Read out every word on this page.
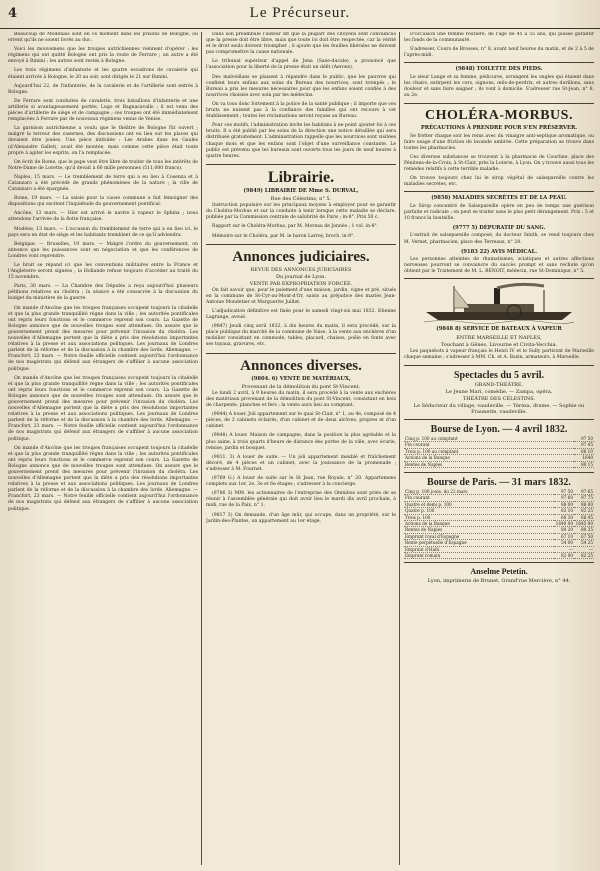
4	Le Précurseur.

Beaucoup de Modenais sont en ce moment dans les prisons de Bologne, ou errent qu'ils ne soient livrés au duc.

Voici les mouvemens que les troupes autrichiennes viennent d'opérer : les régimens qui ont quitté Bologne ont pris la route de Ferrare ; un autre a été envoyé à Rimini ; les autres sont restés à Bologne.

Les trois régimens d'infanterie et les quatre escadrons de cavalerie qui étaient arrivés à Bologne, le 20 au soir, sont dirigés le 21 sur Rimini.

Aujourd'hui 22, de l'infanterie, de la cavalerie et de l'artillerie sont entrés à Bologne.

De Ferrare sont conduites de cavalerie, trois bataillons d'infanterie et une artillerie si avantageusement portée, Lugo et Bagnacavallo ; il est venu des pièces d'artillerie de siège et de campagne ; ces troupes ont été immédiatement remplacées à Ferrare par de nouveaux régimens venus de Venise.

La garnison autrichienne a voulu que le théâtre de Bologne fût ouvert ; malgré la terreur des casernes, des discussions ont eu lieu sur les places qui devaient être jouées. Une pièce intitulée : Les Arabes dans les Gaules (d'Alexandre Gallet), avait été montée, mais comme cette pièce était toute propre à agiter les esprits, on l'a remplacée.

On écrit de Rome, que le pape veut être libre de traiter de tous les intérêts de Notre-Dame de Lorette, qu'il devait à 60 mille personnes (511,000 francs).

Naples, 15 mars. — Le tremblement de terre qui a eu lieu à Cosenza et à Catanzaro a été précédé de grands phénomènes de la nature ; la ville de Catanzaro a été épargnée.

Rome, 19 mars. — La saisie pour la cause commune a fait témoigner des dispositions qui excitent l'inquiétude du gouvernement pontifical.

Ancône, 13 mars. — Hier est arrivé le navire à vapeur le Sphinx ; nous attendons l'arrivée de la flotte française.

Modène, 13 mars. — L'occasion du tremblement de terre qui a eu lieu ici, le pays sera en état de siège et les habitants tremblent de ce qu'il adviendra.

Belgique. — Bruxelles, 19 mars. — Malgré l'ordre du gouvernement, on annonce que les puissances sont en négociation et que les conférences de Londres vont reprendre.

Le bruit se répand ici que les conventions militaires entre la France et l'Angleterre seront signées ; la Hollande refuse toujours d'accéder au traité du 15 novembre.

Paris, 30 mars. — La Chambre des Députés a reçu aujourd'hui plusieurs pétitions relatives au choléra ; la séance a été consacrée à la discussion du budget du ministère de la guerre.

On mande d'Ancône que les troupes françaises occupent toujours la citadelle et que la plus grande tranquillité règne dans la ville ; les autorités pontificales ont repris leurs fonctions et le commerce reprend son cours. La Gazette de Bologne annonce que de nouvelles troupes sont attendues. On assure que le gouvernement prend des mesures pour prévenir l'invasion du choléra. Les nouvelles d'Allemagne portent que la diète a pris des résolutions importantes relatives à la presse et aux associations politiques. Les journaux de Londres parlent de la réforme et de la discussion à la chambre des lords. Allemagne. — Francfort, 23 mars. — Notre feuille officielle contient aujourd'hui l'ordonnance de nos magistrats qui défend aux étrangers de s'affilier à aucune association politique.

On mande d'Ancône que les troupes françaises occupent toujours la citadelle et que la plus grande tranquillité règne dans la ville ; les autorités pontificales ont repris leurs fonctions et le commerce reprend son cours. La Gazette de Bologne annonce que de nouvelles troupes sont attendues. On assure que le gouvernement prend des mesures pour prévenir l'invasion du choléra. Les nouvelles d'Allemagne portent que la diète a pris des résolutions importantes relatives à la presse et aux associations politiques. Les journaux de Londres parlent de la réforme et de la discussion à la chambre des lords. Allemagne. — Francfort, 23 mars. — Notre feuille officielle contient aujourd'hui l'ordonnance de nos magistrats qui défend aux étrangers de s'affilier à aucune association politique.

On mande d'Ancône que les troupes françaises occupent toujours la citadelle et que la plus grande tranquillité règne dans la ville ; les autorités pontificales ont repris leurs fonctions et le commerce reprend son cours. La Gazette de Bologne annonce que de nouvelles troupes sont attendues. On assure que le gouvernement prend des mesures pour prévenir l'invasion du choléra. Les nouvelles d'Allemagne portent que la diète a pris des résolutions importantes relatives à la presse et aux associations politiques. Les journaux de Londres parlent de la réforme et de la discussion à la chambre des lords. Allemagne. — Francfort, 23 mars. — Notre feuille officielle contient aujourd'hui l'ordonnance de nos magistrats qui défend aux étrangers de s'affilier à aucune association politique.

Dans son préambule l'auteur dit que la plupart des citoyens sont convaincus que la presse doit être libre, mais que toute loi doit être respectée, car la vérité et le droit seuls doivent triompher ; il ajoute que les feuilles libérales ne doivent pas compromettre la cause nationale.

Le tribunal supérieur d'appel de Jena (Saxe-ducale), a prononcé que l'association pour la liberté de la presse était un délit (Aerons).

Des malveillans se plaisent à répandre dans le public, que les pauvres qui confient leurs enfans aux soins du Bureau des nourrices, sont trompés ; le Bureau a pris les mesures nécessaires pour que les enfans soient confiés à des nourrices choisies avec soin par les médecins.

On va tous donc fortement à la police de la santé publique ; il importe que ces bruits ne nuisent pas à la confiance des familles qui ont recours à cet établissement ; toutes les réclamations seront reçues au Bureau.

Pour ces motifs, l'administration invite les habitans à ne point ajouter foi à ces bruits. Il a été publié par les soins de la direction une notice détaillée qui sera distribuée gratuitement. L'administration rappelle que les nourrices sont visitées chaque mois et que les enfans sont l'objet d'une surveillance constante. Le public est prévenu que les bureaux sont ouverts tous les jours de neuf heures à quatre heures.

Librairie.
(9849) LIBRAIRIE DE Mme S. DURVAL,
Rue des Célestins, n° 5.

Instruction populaire sur les principaux moyens à employer pour se garantir du Choléra-Morbus et sur la conduite à tenir lorsque cette maladie se déclare, publiée par la Commission centrale de salubrité de Paris ; in-8°. Prix 50 c.

Rapport sur le Choléra-Morbus, par M. Moreau de Jonnès ; 1 vol. in-8°.

Mémoire sur le Choléra, par M. le baron Larrey, broch. in-8°.

Annonces judiciaires.
REVUE DES ANNONCES JUDICIAIRES
Du journal de Lyon.
VENTE PAR EXPROPRIATION FORCÉE.

On fait savoir que, pour le paiement d'une maison, jardin, vigne et pré, situés en la commune de St-Cyr-au-Mont-d'Or, saisis au préjudice des mariés Jean-Antoine Mondetier et Marguerite Juillet.

L'adjudication définitive est fixée pour le samedi vingt-six mai 1832. Etienne Lagrange, avoué.

(9847) Jeudi cinq avril 1832, à dix heures du matin, il sera procédé, sur la place publique du marché de la commune de Vaise, à la vente aux enchères d'un mobilier consistant en commode, tables, placard, chaises, poêle en fonte avec ses tuyaux, gravures, etc.

Annonces diverses.
(9804. 6) VENTE DE MATÉRIAUX,
Provenant de la démolition du pont St-Vincent.

Le lundi 2 avril, à 9 heures du matin, il sera procédé à la vente aux enchères des matériaux provenant de la démolition du pont St-Vincent, consistant en bois de charpente, planches et fers ; la vente aura lieu au comptant.

(9844) A louer. Joli appartement sur le quai St-Clair, n° 1, au 4e, composé de 4 pièces, de 2 cabinets éclairés, d'un cabinet et de deux alcôves, propres et d'un cabinet.

(9848) A louer. Maison de campagne, dans la position la plus agréable et la plus saine, à trois quarts d'heure de distance des portes de la ville, avec écurie, remise, jardin et bosquet.

(9811. 3) A louer de suite. — Un joli appartement meublé et fraîchement décoré, de 4 pièces et un cabinet, avec la jouissance de la promenade ; s'adresser à M. Fournet.

(9769 G.) A louer de suite sur le St Jean, rue Royale, n° 20. Appartemens complets aux 1er, 2e, 3e et 6e étages ; s'adresser à la concierge.

(9786 3) MM. les actionnaires de l'entreprise des Omnibus sont priés de se réunir à l'assemblée générale qui doit avoir lieu le mardi dix avril prochain, à midi, rue de la Paix, n° 1.

(9817 3) On demande, d'un âge mûr, qui occupe, dans un propriété, sur le Jardin-des-Plantes, un appartement au 1er étage.

D'occasion une femme routière, de l'âge de 45 à 55 ans, qui puisse garantir les fonds de la communauté.

S'adresser, Cours de Brosses, n° 8, avant neuf heures du matin, et de 2 à 5 de l'après-midi.

(9848) TOILETTE DES PIEDS.

Le sieur Lange et sa femme, pédicures, arrangent les ongles qui étaient dans les chairs, extirpent les cors, oignons, œils-de-perdrix, et autres durillons, sans douleur et sans faire saigner ; ils vont à domicile. S'adresser rue St-Jean, n° 8, au 2e.

CHOLÉRA-MORBUS.
PRÉCAUTIONS À PRENDRE POUR S'EN PRÉSERVER.

Se frotter chaque soir les reins avec du vinaigre anti-septique aromatique, ou faire usage d'une friction de lavande ambrée. Cette préparation se trouve dans toutes les pharmacies.

Ces diverses substances se trouvent à la pharmacie de Courtine, place des Pénitens-de-la-Croix, à St-Clair, près la Loterie, à Lyon. On y trouve aussi tous les remèdes relatifs à cette terrible maladie.

On trouve toujours chez lui le sirop végétal de salsepareille contre les maladies secrètes, etc.

(9858) MALADIES SECRÈTES ET DE LA PEAU.

Le Sirop concentré de Salsepareille opère en peu de temps une guérison parfaite et radicale ; on peut se traiter sans le plus petit dérangement. Prix : 5 et 10 francs la bouteille.

(9777 5) DÉPURATIF DU SANG.

L'extrait de salsepareille composé, du docteur Smith, se vend toujours chez M. Vernet, pharmacien, place des Terreaux, n° 28.

(9183 22) AVIS MÉDICAL.

Les personnes atteintes de rhumatismes, sciatiques et autres affections nerveuses pourront se convaincre du succès prompt et sans rechute qu'on obtient par le Traitement de M. L. BENOIT, médecin, rue St-Dominique, n° 5.

(9848 8) SERVICE DE BATEAUX À VAPEUR
ENTRE MARSEILLE ET NAPLES,
Touchant à Gênes, Livourne et Civita-Vecchia.

Les paquebots à vapeur français le Henri IV et le Sully partiront de Marseille chaque semaine ; s'adresser à MM. Ch. et A. Bazin, armateurs, à Marseille.

Spectacles du 5 avril.
GRAND-THÉÂTRE.
Le Jeune Mari, comédie. — Zampa, opéra.
THÉÂTRE DES CÉLESTINS.
Le Séducteur du village, vaudeville. — Téréza, drame. — Sophie ou Fraunette, vaudeville.
Bourse de Lyon. — 4 avril 1832.
Cinq p. 100 au comptant	97 50
Fin courant	97 45
Trois p. 100 au comptant	68 10
Actions de la Banque	1640
Rentes de Naples	80 15
Bourse de Paris. — 31 mars 1832.
Cinq p. 100 jouis. du 22 mars	97 50	97 65
Fin courant	97 60	97 75
Quatre et demi p. 100	88 00	88 00
Quatre p. 100	83 10	83 25
Trois p. 100	68 30	68 45
Actions de la Banque	1640 00	1645 00
Rentes de Naples	80 20	80 35
Emprunt royal d'Espagne	67 10	67 50
Rente perpétuelle d'Espagne	54 00	54 25
Emprunt d'Haïti	—	—
Emprunt romain	82 00	82 25
Anselme Petetin.
Lyon, imprimerie de Brunet, Grand'rue Mercière, n° 44.
